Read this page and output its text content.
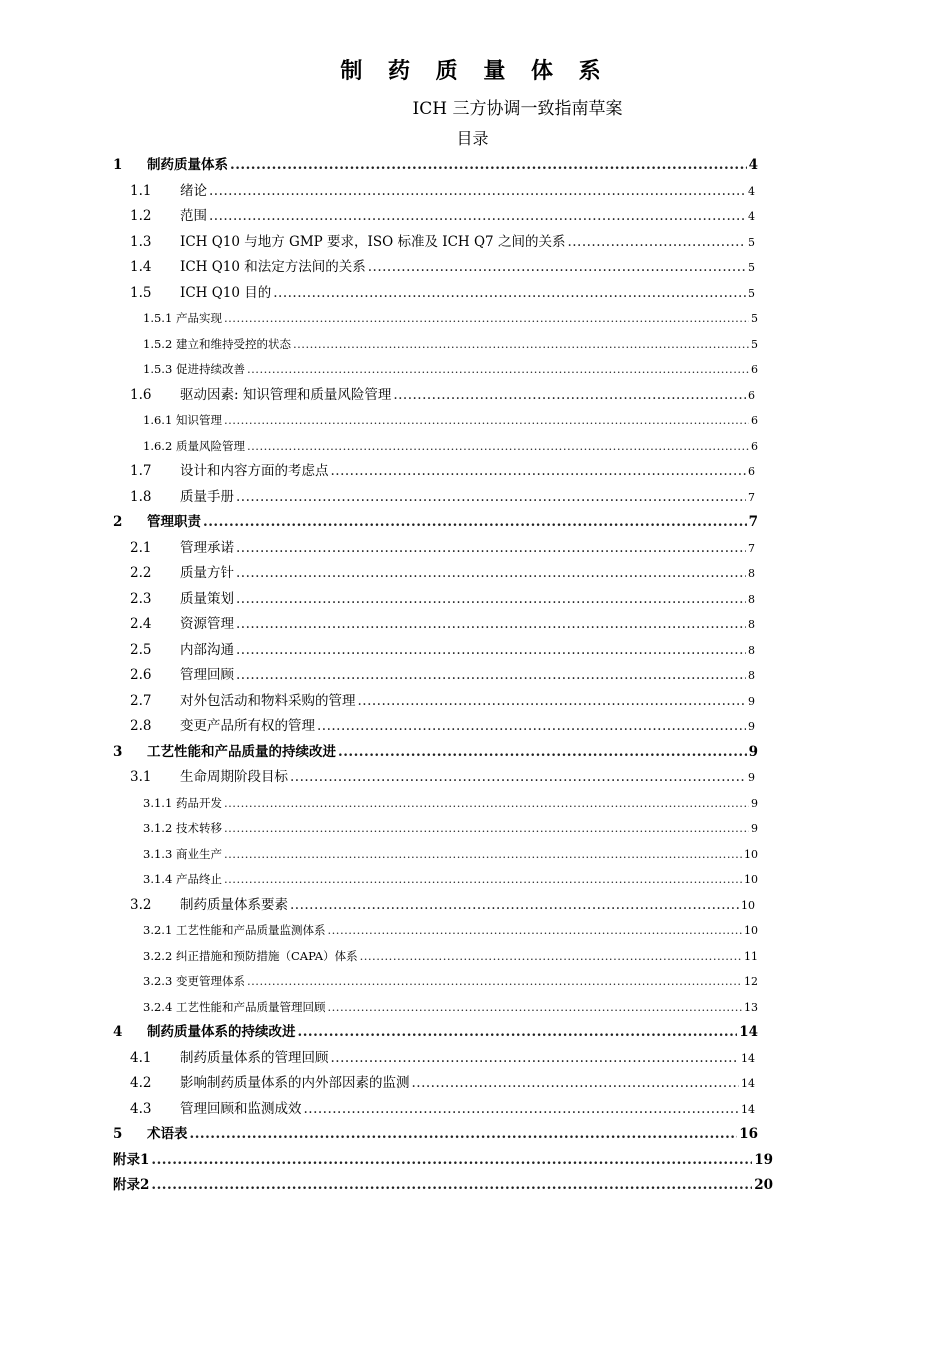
制 药 质 量 体 系
ICH 三方协调一致指南草案
目录
1	制药质量体系 .....	4
1.1	绪论 .....	4
1.2	范围 .....	4
1.3	ICH Q10 与地方 GMP 要求，ISO 标准及 ICH Q7 之间的关系 .....	5
1.4	ICH Q10 和法定方法间的关系 .....	5
1.5	ICH Q10 目的 .....	5
1.5.1 产品实现 .....	5
1.5.2 建立和维持受控的状态 .....	5
1.5.3 促进持续改善 .....	6
1.6	驱动因素: 知识管理和质量风险管理 .....	6
1.6.1 知识管理 .....	6
1.6.2 质量风险管理 .....	6
1.7	设计和内容方面的考虑点 .....	6
1.8	质量手册 .....	7
2	管理职责 .....	7
2.1	管理承诺 .....	7
2.2	质量方针 .....	8
2.3	质量策划 .....	8
2.4	资源管理 .....	8
2.5	内部沟通 .....	8
2.6	管理回顾 .....	8
2.7	对外包活动和物料采购的管理 .....	9
2.8	变更产品所有权的管理 .....	9
3	工艺性能和产品质量的持续改进 .....	9
3.1	生命周期阶段目标 .....	9
3.1.1 药品开发 .....	9
3.1.2 技术转移 .....	9
3.1.3 商业生产 .....	10
3.1.4 产品终止 .....	10
3.2	制药质量体系要素 .....	10
3.2.1 工艺性能和产品质量监测体系 .....	10
3.2.2 纠正措施和预防措施（CAPA）体系 .....	11
3.2.3 变更管理体系 .....	12
3.2.4 工艺性能和产品质量管理回顾 .....	13
4	制药质量体系的持续改进 .....	14
4.1	制药质量体系的管理回顾 .....	14
4.2	影响制药质量体系的内外部因素的监测 .....	14
4.3	管理回顾和监测成效 .....	14
5	术语表 .....	16
附录1 .....	19
附录2 .....	20
